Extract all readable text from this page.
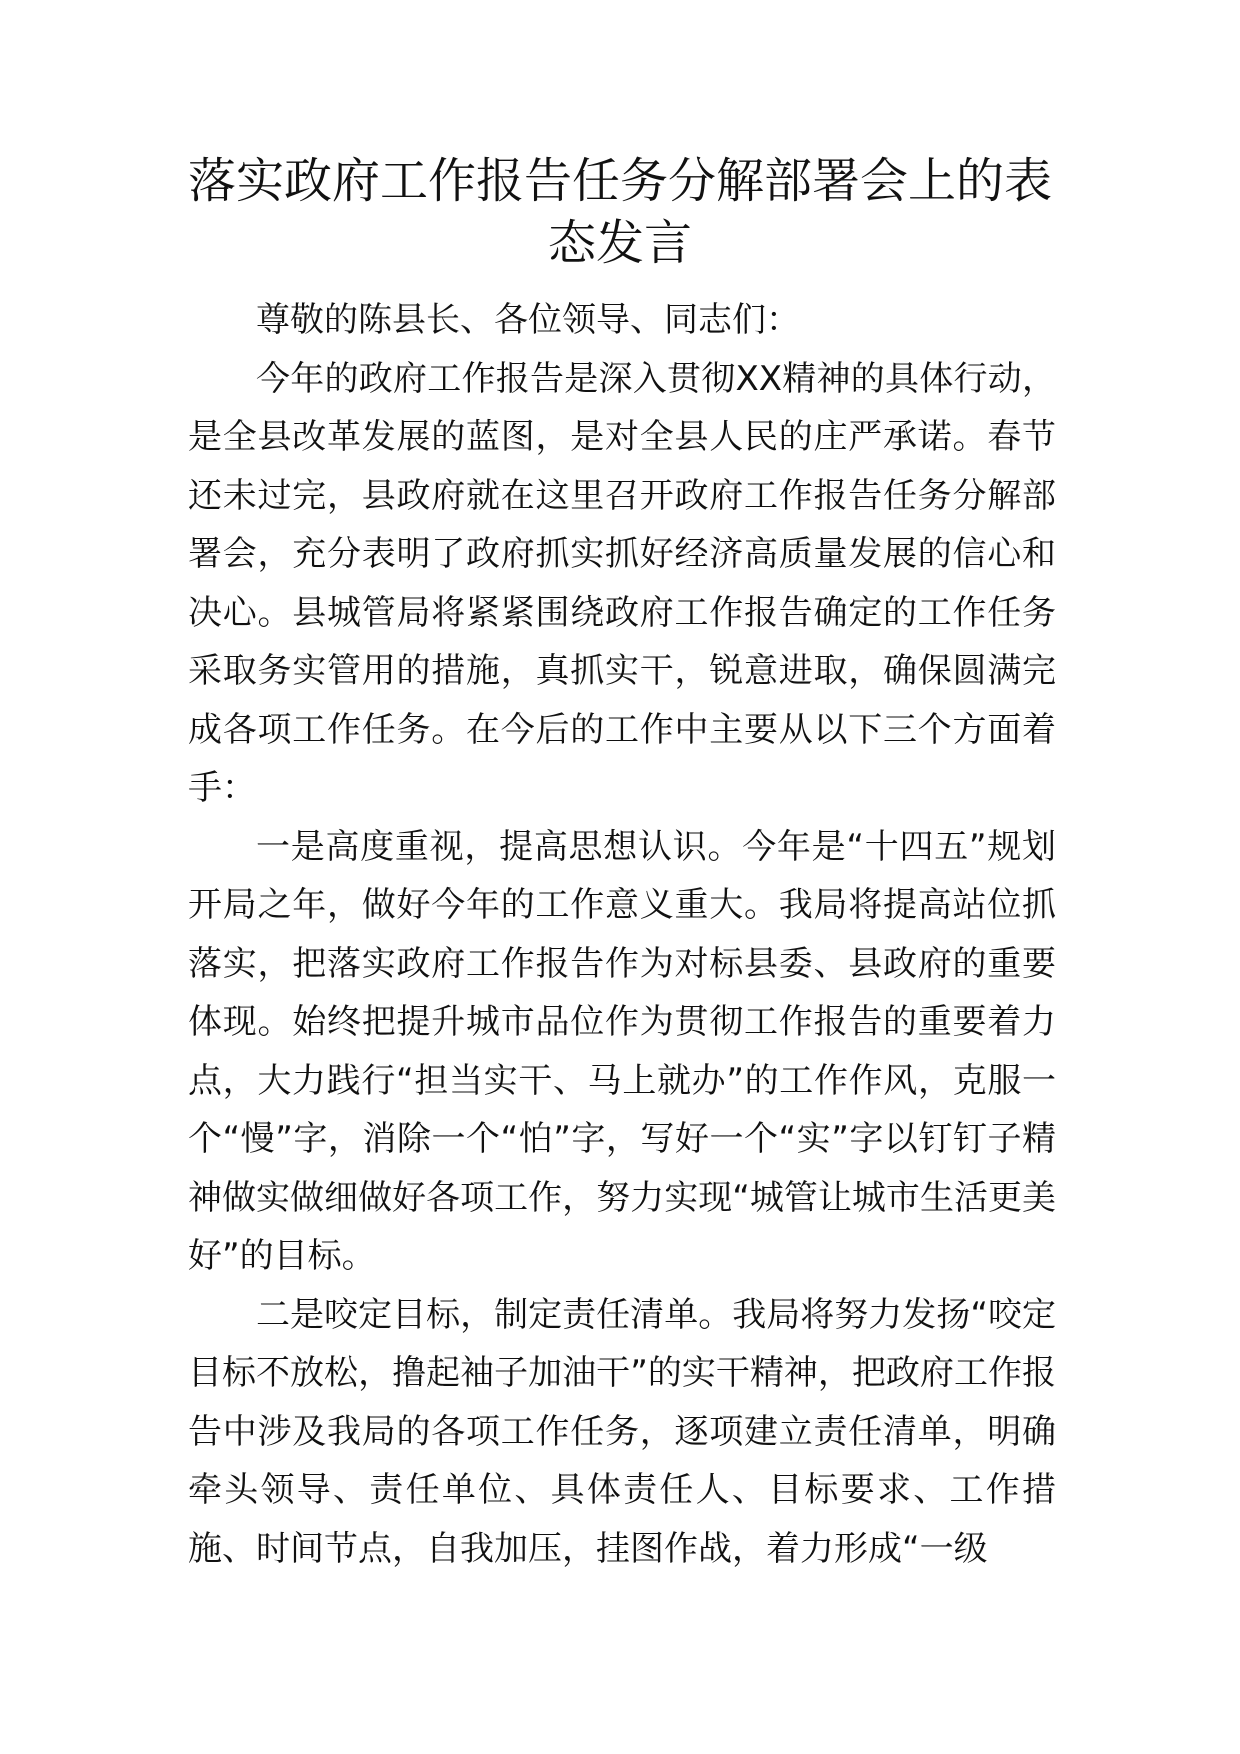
落实政府工作报告任务分解部署会上的表态发言

尊敬的陈县长、各位领导、同志们：

今年的政府工作报告是深入贯彻XX精神的具体行动，是全县改革发展的蓝图，是对全县人民的庄严承诺。春节还未过完，县政府就在这里召开政府工作报告任务分解部署会，充分表明了政府抓实抓好经济高质量发展的信心和决心。县城管局将紧紧围绕政府工作报告确定的工作任务采取务实管用的措施，真抓实干，锐意进取，确保圆满完成各项工作任务。在今后的工作中主要从以下三个方面着手：

一是高度重视，提高思想认识。今年是“十四五”规划开局之年，做好今年的工作意义重大。我局将提高站位抓落实，把落实政府工作报告作为对标县委、县政府的重要体现。始终把提升城市品位作为贯彻工作报告的重要着力点，大力践行“担当实干、马上就办”的工作作风，克服一个“慢”字，消除一个“怕”字，写好一个“实”字以钉钉子精神做实做细做好各项工作，努力实现“城管让城市生活更美好”的目标。

二是咬定目标，制定责任清单。我局将努力发扬“咬定目标不放松，撸起袖子加油干”的实干精神，把政府工作报告中涉及我局的各项工作任务，逐项建立责任清单，明确牵头领导、责任单位、具体责任人、目标要求、工作措施、时间节点，自我加压，挂图作战，着力形成“一级
